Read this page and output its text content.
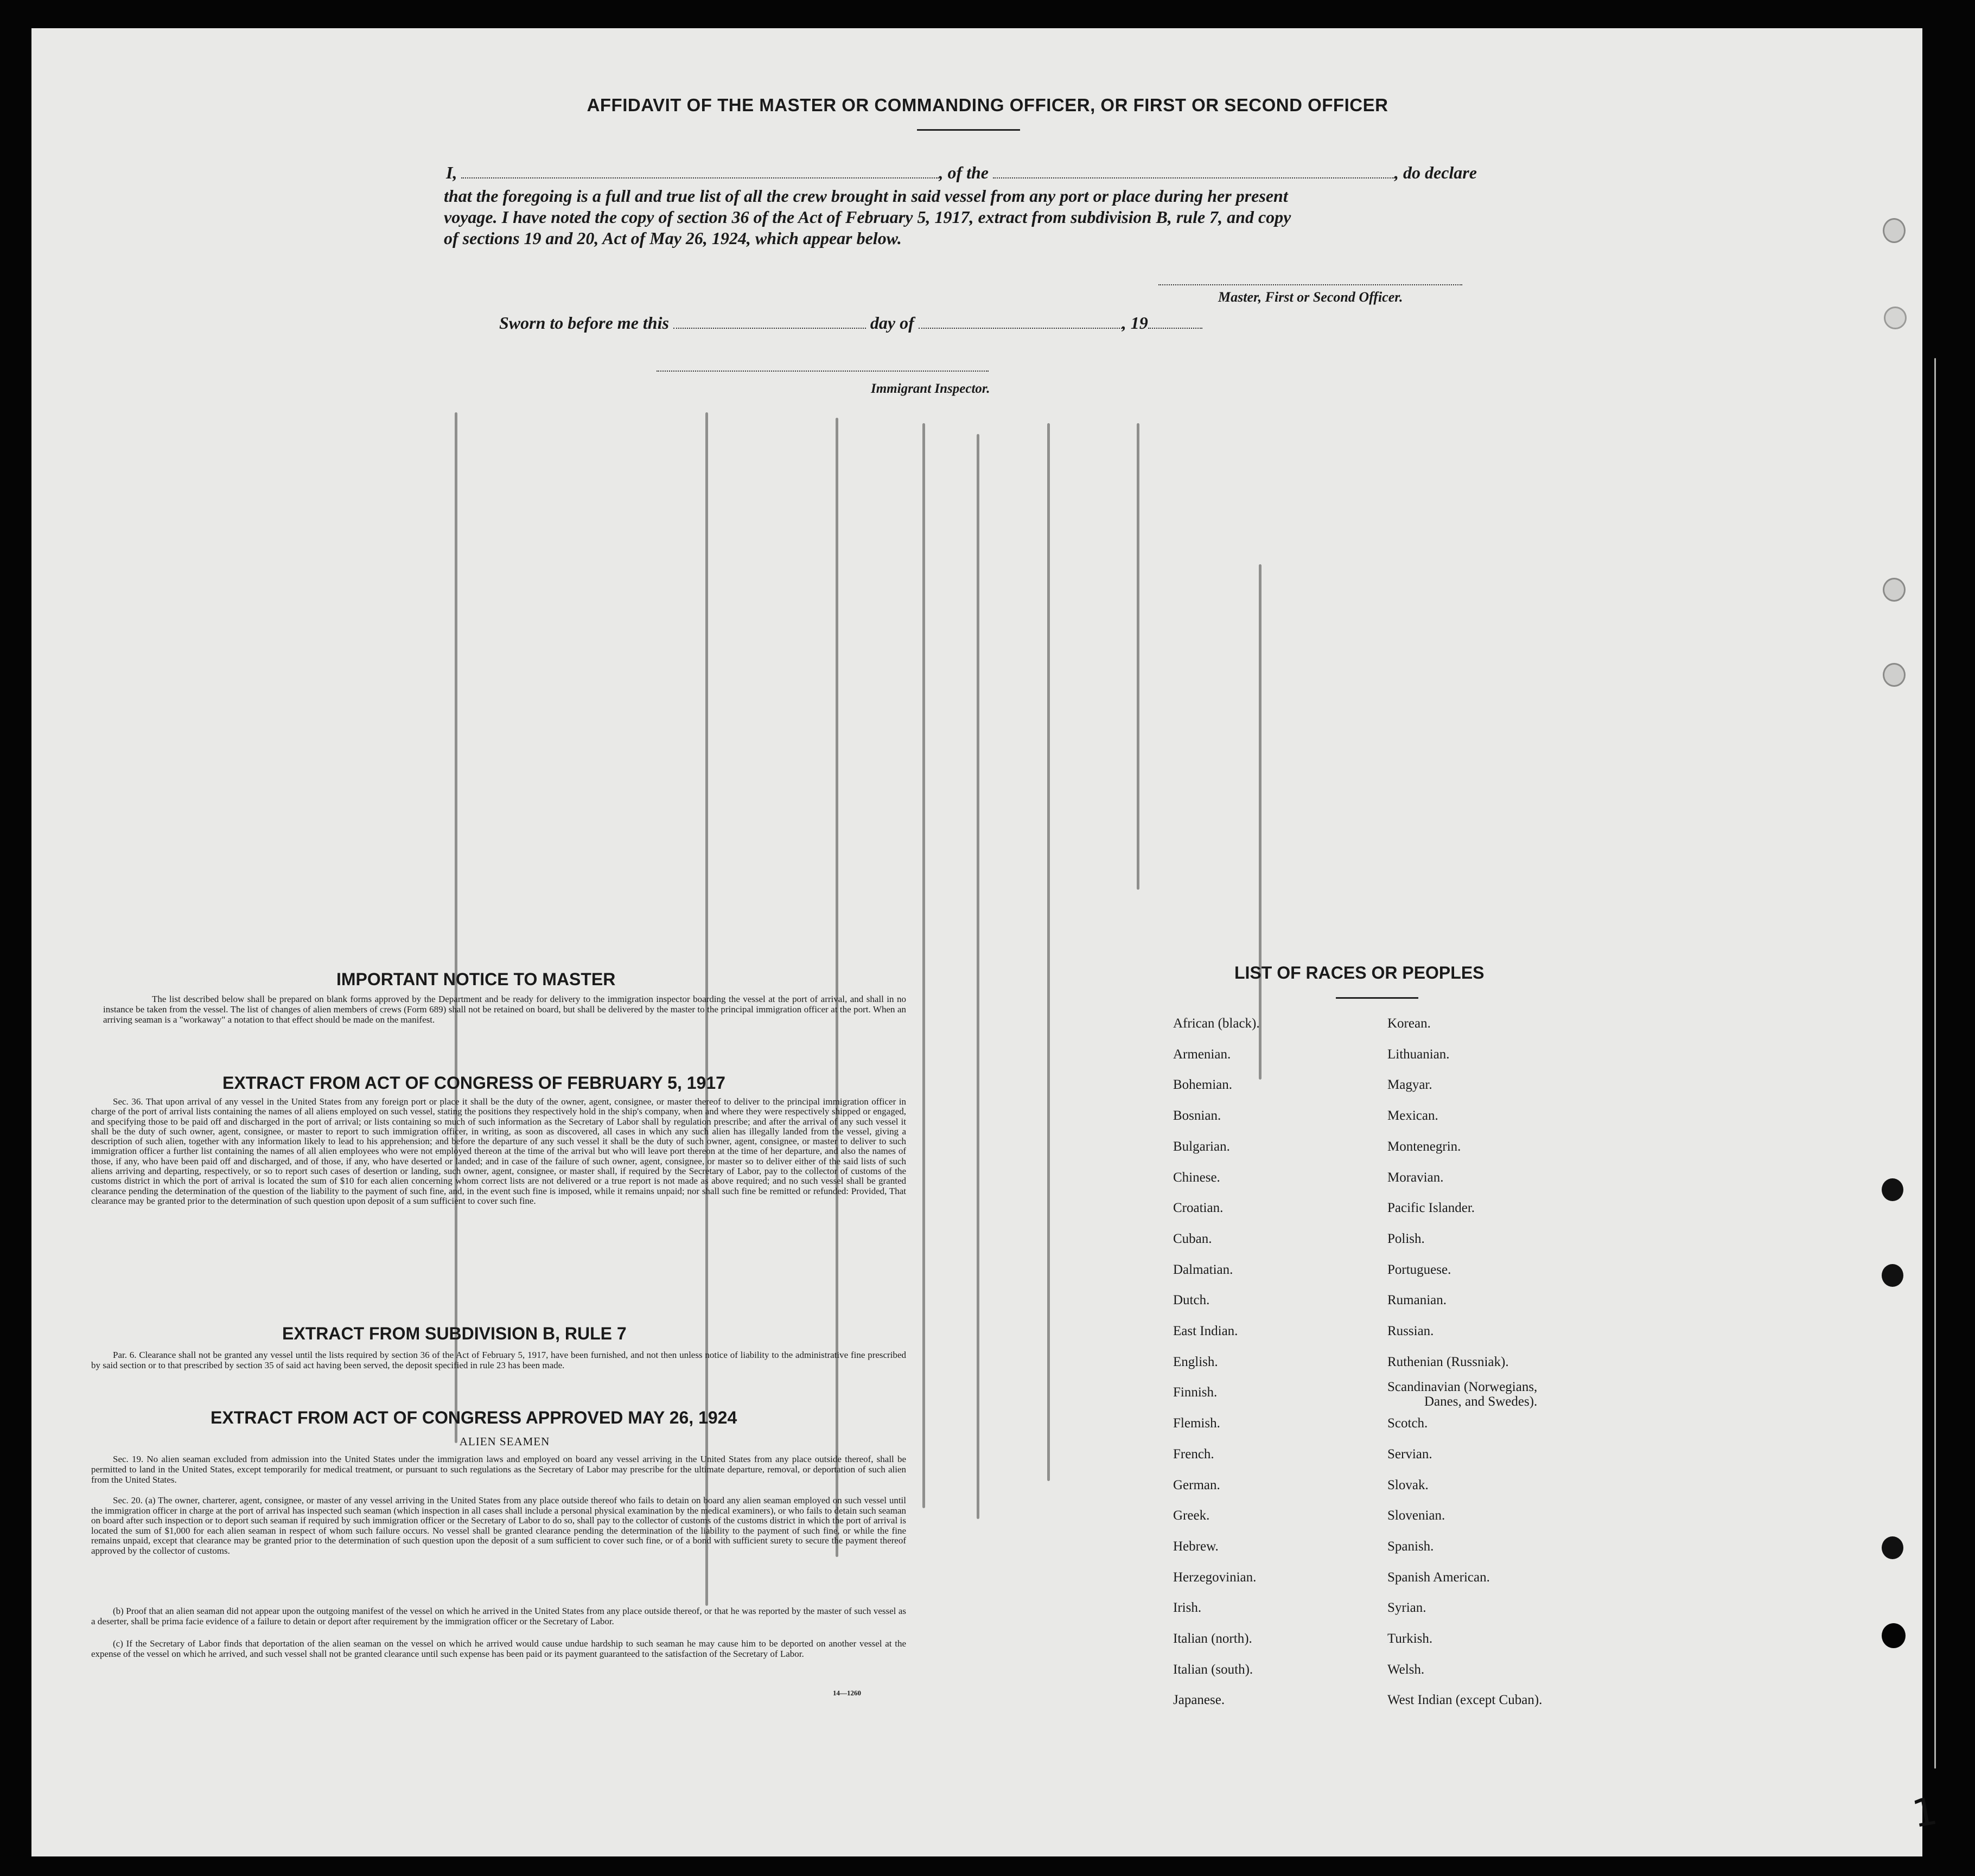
AFFIDAVIT OF THE MASTER OR COMMANDING OFFICER, OR FIRST OR SECOND OFFICER
I,	, of the	, do declare
that the foregoing is a full and true list of all the crew brought in said vessel from any port or place during her present
voyage. I have noted the copy of section 36 of the Act of February 5, 1917, extract from subdivision B, rule 7, and copy
of sections 19 and 20, Act of May 26, 1924, which appear below.
Master, First or Second Officer.
Sworn to before me this	day of	, 19
Immigrant Inspector.
IMPORTANT NOTICE TO MASTER
The list described below shall be prepared on blank forms approved by the Department and be ready for delivery to the immigration inspector boarding the vessel at the port of arrival, and shall in no instance be taken from the vessel. The list of changes of alien members of crews (Form 689) shall not be retained on board, but shall be delivered by the master to the principal immigration officer at the port. When an arriving seaman is a "workaway" a notation to that effect should be made on the manifest.
EXTRACT FROM ACT OF CONGRESS OF FEBRUARY 5, 1917
Sec. 36. That upon arrival of any vessel in the United States from any foreign port or place it shall be the duty of the owner, agent, consignee, or master thereof to deliver to the principal immigration officer in charge of the port of arrival lists containing the names of all aliens employed on such vessel, stating the positions they respectively hold in the ship's company, when and where they were respectively shipped or engaged, and specifying those to be paid off and discharged in the port of arrival; or lists containing so much of such information as the Secretary of Labor shall by regulation prescribe; and after the arrival of any such vessel it shall be the duty of such owner, agent, consignee, or master to report to such immigration officer, in writing, as soon as discovered, all cases in which any such alien has illegally landed from the vessel, giving a description of such alien, together with any information likely to lead to his apprehension; and before the departure of any such vessel it shall be the duty of such owner, agent, consignee, or master to deliver to such immigration officer a further list containing the names of all alien employees who were not employed thereon at the time of the arrival but who will leave port thereon at the time of her departure, and also the names of those, if any, who have been paid off and discharged, and of those, if any, who have deserted or landed; and in case of the failure of such owner, agent, consignee, or master so to deliver either of the said lists of such aliens arriving and departing, respectively, or so to report such cases of desertion or landing, such owner, agent, consignee, or master shall, if required by the Secretary of Labor, pay to the collector of customs of the customs district in which the port of arrival is located the sum of $10 for each alien concerning whom correct lists are not delivered or a true report is not made as above required; and no such vessel shall be granted clearance pending the determination of the question of the liability to the payment of such fine, and, in the event such fine is imposed, while it remains unpaid; nor shall such fine be remitted or refunded: Provided, That clearance may be granted prior to the determination of such question upon deposit of a sum sufficient to cover such fine.
EXTRACT FROM SUBDIVISION B, RULE 7
Par. 6. Clearance shall not be granted any vessel until the lists required by section 36 of the Act of February 5, 1917, have been furnished, and not then unless notice of liability to the administrative fine prescribed by said section or to that prescribed by section 35 of said act having been served, the deposit specified in rule 23 has been made.
EXTRACT FROM ACT OF CONGRESS APPROVED MAY 26, 1924
ALIEN SEAMEN
Sec. 19. No alien seaman excluded from admission into the United States under the immigration laws and employed on board any vessel arriving in the United States from any place outside thereof, shall be permitted to land in the United States, except temporarily for medical treatment, or pursuant to such regulations as the Secretary of Labor may prescribe for the ultimate departure, removal, or deportation of such alien from the United States.
Sec. 20. (a) The owner, charterer, agent, consignee, or master of any vessel arriving in the United States from any place outside thereof who fails to detain on board any alien seaman employed on such vessel until the immigration officer in charge at the port of arrival has inspected such seaman (which inspection in all cases shall include a personal physical examination by the medical examiners), or who fails to detain such seaman on board after such inspection or to deport such seaman if required by such immigration officer or the Secretary of Labor to do so, shall pay to the collector of customs of the customs district in which the port of arrival is located the sum of $1,000 for each alien seaman in respect of whom such failure occurs. No vessel shall be granted clearance pending the determination of the liability to the payment of such fine, or while the fine remains unpaid, except that clearance may be granted prior to the determination of such question upon the deposit of a sum sufficient to cover such fine, or of a bond with sufficient surety to secure the payment thereof approved by the collector of customs.
(b) Proof that an alien seaman did not appear upon the outgoing manifest of the vessel on which he arrived in the United States from any place outside thereof, or that he was reported by the master of such vessel as a deserter, shall be prima facie evidence of a failure to detain or deport after requirement by the immigration officer or the Secretary of Labor.
(c) If the Secretary of Labor finds that deportation of the alien seaman on the vessel on which he arrived would cause undue hardship to such seaman he may cause him to be deported on another vessel at the expense of the vessel on which he arrived, and such vessel shall not be granted clearance until such expense has been paid or its payment guaranteed to the satisfaction of the Secretary of Labor.
14—1260
LIST OF RACES OR PEOPLES
African (black).
Armenian.
Bohemian.
Bosnian.
Bulgarian.
Chinese.
Croatian.
Cuban.
Dalmatian.
Dutch.
East Indian.
English.
Finnish.
Flemish.
French.
German.
Greek.
Hebrew.
Herzegovinian.
Irish.
Italian (north).
Italian (south).
Japanese.
Korean.
Lithuanian.
Magyar.
Mexican.
Montenegrin.
Moravian.
Pacific Islander.
Polish.
Portuguese.
Rumanian.
Russian.
Ruthenian (Russniak).
Scandinavian (Norwegians,
Scotch.
Servian.
Slovak.
Slovenian.
Spanish.
Spanish American.
Syrian.
Turkish.
Welsh.
West Indian (except Cuban).
Danes, and Swedes).
1
